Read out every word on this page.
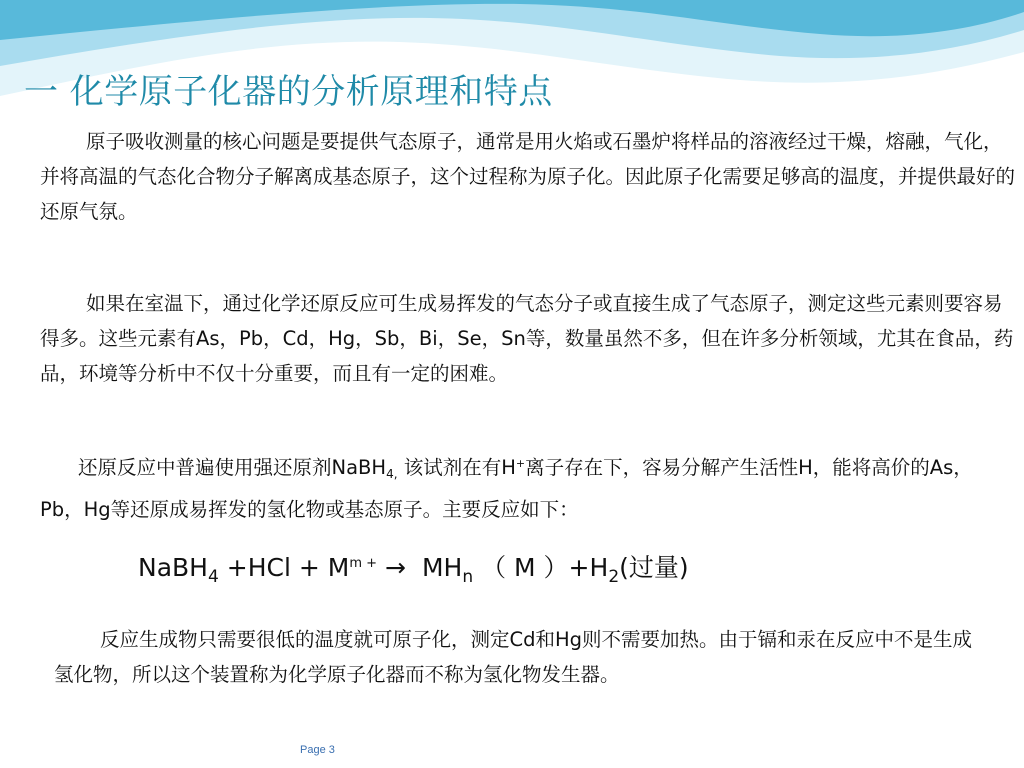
一 化学原子化器的分析原理和特点

原子吸收测量的核心问题是要提供气态原子，通常是用火焰或石墨炉将样品的溶液经过干燥，熔融，气化，并将高温的气态化合物分子解离成基态原子，这个过程称为原子化。因此原子化需要足够高的温度，并提供最好的还原气氛。

如果在室温下，通过化学还原反应可生成易挥发的气态分子或直接生成了气态原子，测定这些元素则要容易得多。这些元素有As，Pb，Cd，Hg，Sb，Bi，Se，Sn等，数量虽然不多，但在许多分析领域，尤其在食品，药品，环境等分析中不仅十分重要，而且有一定的困难。

还原反应中普遍使用强还原剂NaBH$_{4,}$ 该试剂在有H+离子存在下，容易分解产生活性H，能将高价的As，Pb，Hg等还原成易挥发的氢化物或基态原子。主要反应如下：

NaBH$_4$ $+HCl + M^{m +} \to MH_n$ （ M ）$+H_2$(过量)

反应生成物只需要很低的温度就可原子化，测定Cd和Hg则不需要加热。由于镉和汞在反应中不是生成氢化物，所以这个装置称为化学原子化器而不称为氢化物发生器。

Page 3
